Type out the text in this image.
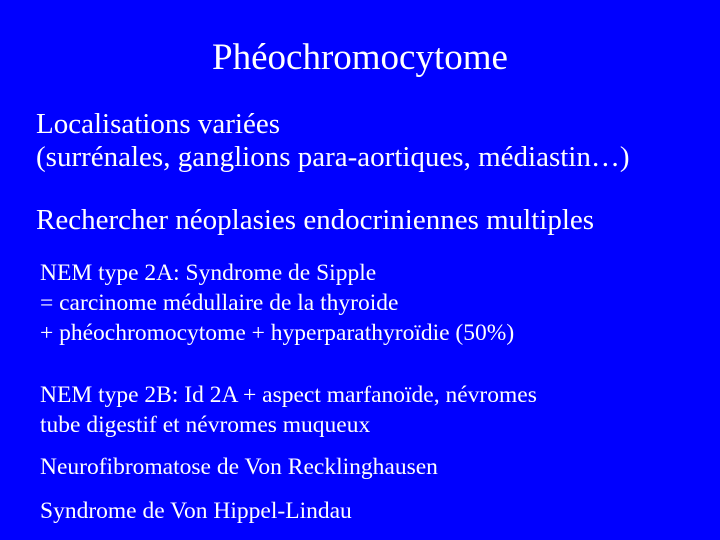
Phéochromocytome
Localisations variées
(surrénales, ganglions para-aortiques, médiastin…)
Rechercher néoplasies endocriniennes multiples
NEM type 2A: Syndrome de Sipple
= carcinome médullaire de la thyroide
+ phéochromocytome + hyperparathyroïdie (50%)
NEM type 2B: Id 2A + aspect marfanoïde, névromes
tube digestif et névromes muqueux
Neurofibromatose de Von Recklinghausen
Syndrome de Von Hippel-Lindau
